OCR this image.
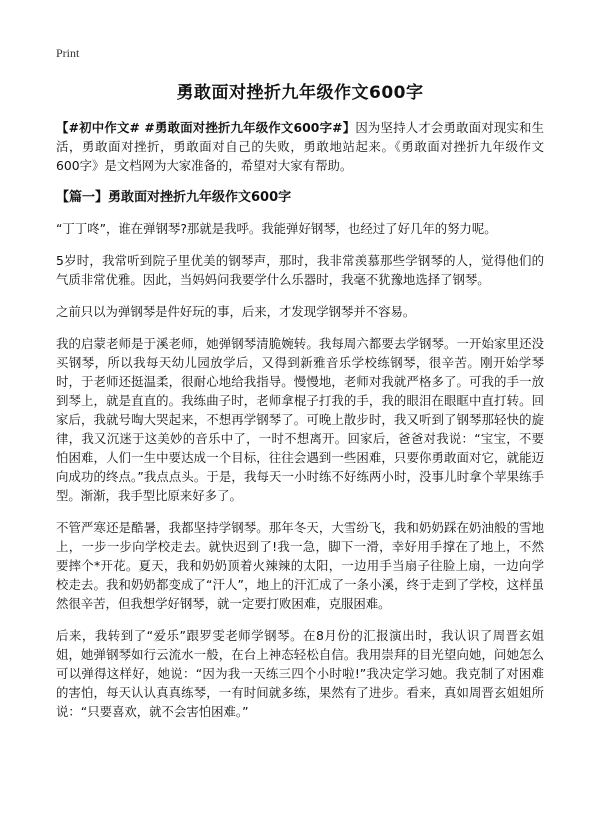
Print
勇敢面对挫折九年级作文600字

【#初中作文# #勇敢面对挫折九年级作文600字#】因为坚持人才会勇敢面对现实和生活，勇敢面对挫折，勇敢面对自己的失败，勇敢地站起来。《勇敢面对挫折九年级作文600字》是文档网为大家准备的，希望对大家有帮助。

【篇一】勇敢面对挫折九年级作文600字

“丁丁咚”，谁在弹钢琴?那就是我呼。我能弹好钢琴，也经过了好几年的努力呢。

5岁时，我常听到院子里优美的钢琴声，那时，我非常羡慕那些学钢琴的人，觉得他们的气质非常优雅。因此，当妈妈问我要学什么乐器时，我毫不犹豫地选择了钢琴。

之前只以为弹钢琴是件好玩的事，后来，才发现学钢琴并不容易。

我的启蒙老师是于溪老师，她弹钢琴清脆婉转。我每周六都要去学钢琴。一开始家里还没买钢琴，所以我每天幼儿园放学后，又得到新雅音乐学校练钢琴，很辛苦。刚开始学琴时，于老师还挺温柔，很耐心地给我指导。慢慢地，老师对我就严格多了。可我的手一放到琴上，就是直直的。我练曲子时，老师拿棍子打我的手，我的眼泪在眼眶中直打转。回家后，我就号啕大哭起来，不想再学钢琴了。可晚上散步时，我又听到了钢琴那轻快的旋律，我又沉迷于这美妙的音乐中了，一时不想离开。回家后，爸爸对我说：“宝宝，不要怕困难，人们一生中要达成一个目标，往往会遇到一些困难，只要你勇敢面对它，就能迈向成功的终点。”我点点头。于是，我每天一小时练不好练两小时，没事儿时拿个苹果练手型。渐渐，我手型比原来好多了。

不管严寒还是酷暑，我都坚持学钢琴。那年冬天，大雪纷飞，我和奶奶踩在奶油般的雪地上，一步一步向学校走去。就快迟到了!我一急，脚下一滑，幸好用手撑在了地上，不然要摔个*开花。夏天，我和奶奶顶着火辣辣的太阳，一边用手当扇子往脸上扇，一边向学校走去。我和奶奶都变成了“汗人”，地上的汗汇成了一条小溪，终于走到了学校，这样虽然很辛苦，但我想学好钢琴，就一定要打败困难，克服困难。

后来，我转到了“爱乐”跟罗雯老师学钢琴。在8月份的汇报演出时，我认识了周晋玄姐姐，她弹钢琴如行云流水一般，在台上神态轻松自信。我用崇拜的目光望向她，问她怎么可以弹得这样好，她说：“因为我一天练三四个小时啦!”我决定学习她。我克制了对困难的害怕，每天认认真真练琴，一有时间就多练，果然有了进步。看来，真如周晋玄姐姐所说：“只要喜欢，就不会害怕困难。”
